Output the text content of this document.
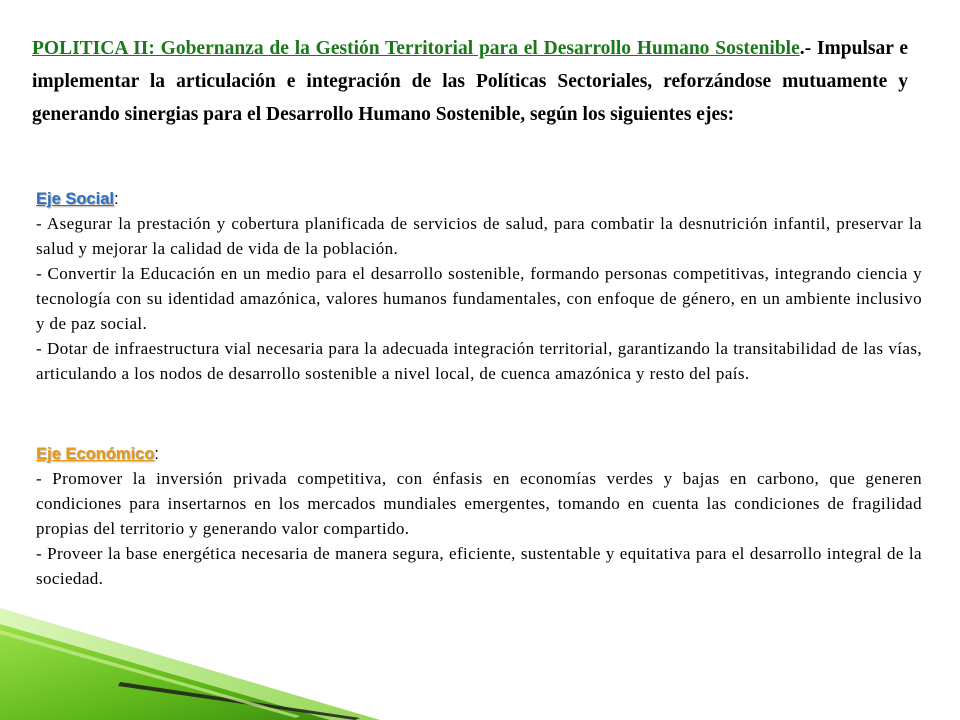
POLITICA II: Gobernanza de la Gestión Territorial para el Desarrollo Humano Sostenible.- Impulsar e implementar la articulación e integración de las Políticas Sectoriales, reforzándose mutuamente y generando sinergias para el Desarrollo Humano Sostenible, según los siguientes ejes:
Eje Social:
- Asegurar la prestación y cobertura planificada de servicios de salud, para combatir la desnutrición infantil, preservar la salud y mejorar la calidad de vida de la población.
- Convertir la Educación en un medio para el desarrollo sostenible, formando personas competitivas, integrando ciencia y tecnología con su identidad amazónica, valores humanos fundamentales, con enfoque de género, en un ambiente inclusivo y de paz social.
- Dotar de infraestructura vial necesaria para la adecuada integración territorial, garantizando la transitabilidad de las vías, articulando a los nodos de desarrollo sostenible a nivel local, de cuenca amazónica y resto del país.
Eje Económico:
- Promover la inversión privada competitiva, con énfasis en economías verdes y bajas en carbono, que generen condiciones para insertarnos en los mercados mundiales emergentes, tomando en cuenta las condiciones de fragilidad propias del territorio y generando valor compartido.
- Proveer la base energética necesaria de manera segura, eficiente, sustentable y equitativa para el desarrollo integral de la sociedad.
